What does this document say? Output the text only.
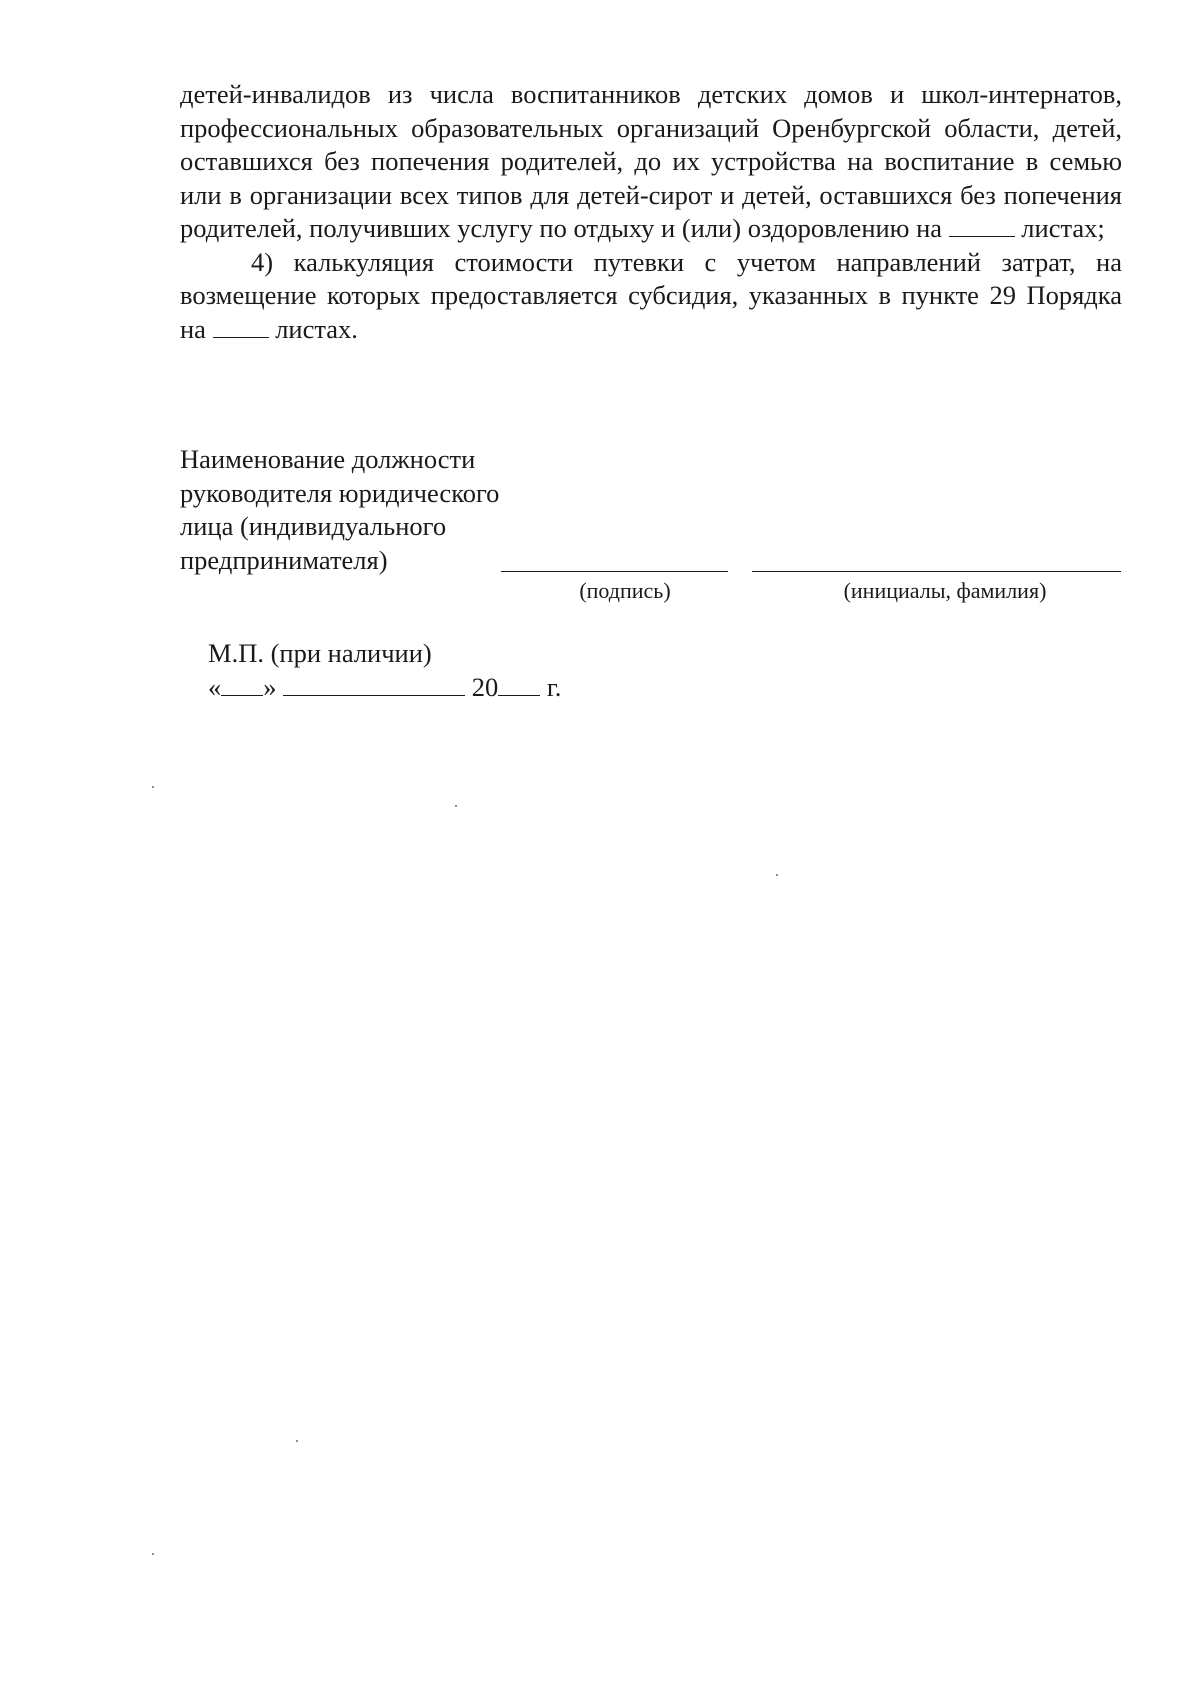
детей-инвалидов из числа воспитанников детских домов и школ-интернатов, профессиональных образовательных организаций Оренбургской области, детей, оставшихся без попечения родителей, до их устройства на воспитание в семью или в организации всех типов для детей-сирот и детей, оставшихся без попечения родителей, получивших услугу по отдыху и (или) оздоровлению на	листах;

4) калькуляция стоимости путевки с учетом направлений затрат, на возмещение которых предоставляется субсидия, указанных в пункте 29 Порядка на	листах.

Наименование должности
руководителя юридического
лица (индивидуального
предпринимателя)
(подпись)	(инициалы, фамилия)
М.П. (при наличии)
« »	20 г.
